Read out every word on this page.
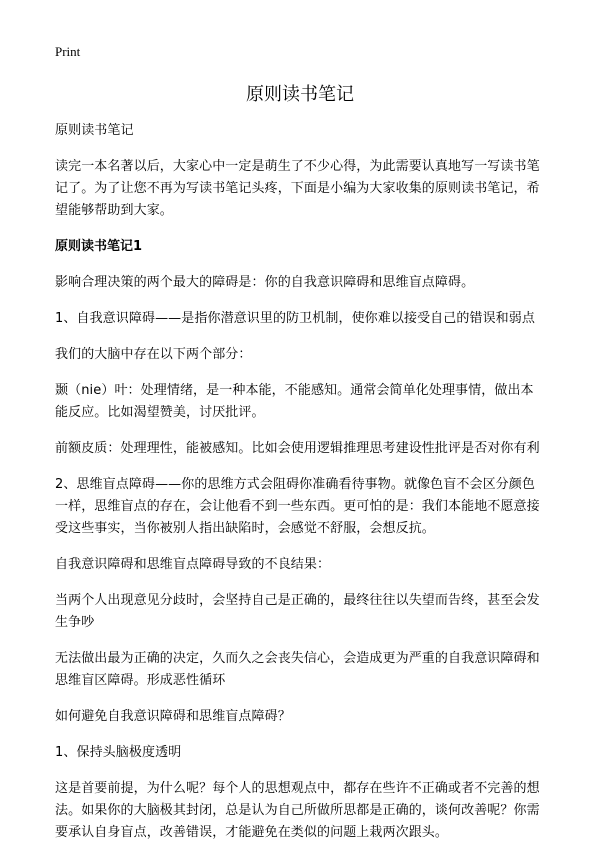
Print
原则读书笔记

原则读书笔记

读完一本名著以后，大家心中一定是萌生了不少心得，为此需要认真地写一写读书笔记了。为了让您不再为写读书笔记头疼，下面是小编为大家收集的原则读书笔记，希望能够帮助到大家。

原则读书笔记1

影响合理决策的两个最大的障碍是：你的自我意识障碍和思维盲点障碍。

1、自我意识障碍——是指你潜意识里的防卫机制，使你难以接受自己的错误和弱点

我们的大脑中存在以下两个部分：

颞（nie）叶：处理情绪，是一种本能，不能感知。通常会简单化处理事情，做出本能反应。比如渴望赞美，讨厌批评。

前额皮质：处理理性，能被感知。比如会使用逻辑推理思考建设性批评是否对你有利

2、思维盲点障碍——你的思维方式会阻碍你准确看待事物。就像色盲不会区分颜色一样，思维盲点的存在，会让他看不到一些东西。更可怕的是：我们本能地不愿意接受这些事实，当你被别人指出缺陷时，会感觉不舒服，会想反抗。

自我意识障碍和思维盲点障碍导致的不良结果：

当两个人出现意见分歧时，会坚持自己是正确的，最终往往以失望而告终，甚至会发生争吵

无法做出最为正确的决定，久而久之会丧失信心，会造成更为严重的自我意识障碍和思维盲区障碍。形成恶性循环

如何避免自我意识障碍和思维盲点障碍？

1、保持头脑极度透明

这是首要前提，为什么呢？每个人的思想观点中，都存在些许不正确或者不完善的想法。如果你的大脑极其封闭，总是认为自己所做所思都是正确的，谈何改善呢？你需要承认自身盲点，改善错误，才能避免在类似的问题上栽两次跟头。
